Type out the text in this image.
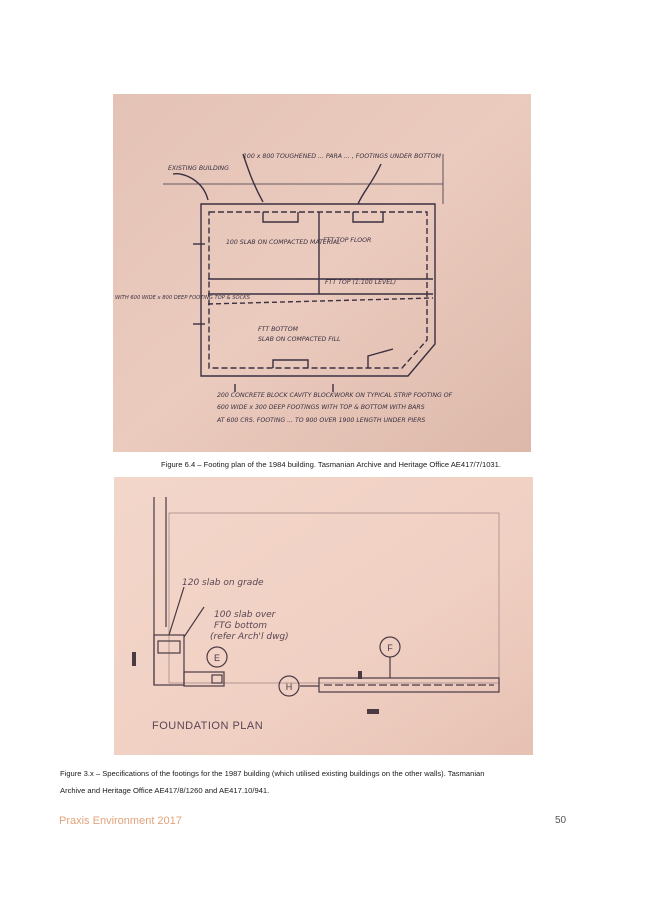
100 x 800 TOUGHENED ... PARA ... , FOOTINGS UNDER BOTTOM
EXISTING BUILDING
100 SLAB ON COMPACTED MATERIAL
FTT TOP FLOOR
FTT TOP (1:100 LEVEL)
FTT BOTTOM
SLAB ON COMPACTED FILL
WITH 600 WIDE x 800 DEEP FOOTING TOP & SOCKS
200 CONCRETE BLOCK CAVITY BLOCKWORK ON TYPICAL STRIP FOOTING OF
600 WIDE x 300 DEEP FOOTINGS WITH TOP & BOTTOM WITH BARS
AT 600 CRS. FOOTING ... TO 900 OVER 1900 LENGTH UNDER PIERS
Figure 6.4 – Footing plan of the 1984 building. Tasmanian Archive and Heritage Office AE417/7/1031.
120 slab on grade
100 slab over
FTG bottom
(refer Arch'l dwg)
E
H
F
FOUNDATION PLAN
Figure 3.x – Specifications of the footings for the 1987 building (which utilised existing buildings on the other walls). Tasmanian
Archive and Heritage Office AE417/8/1260 and AE417.10/941.
Praxis Environment 2017	50
